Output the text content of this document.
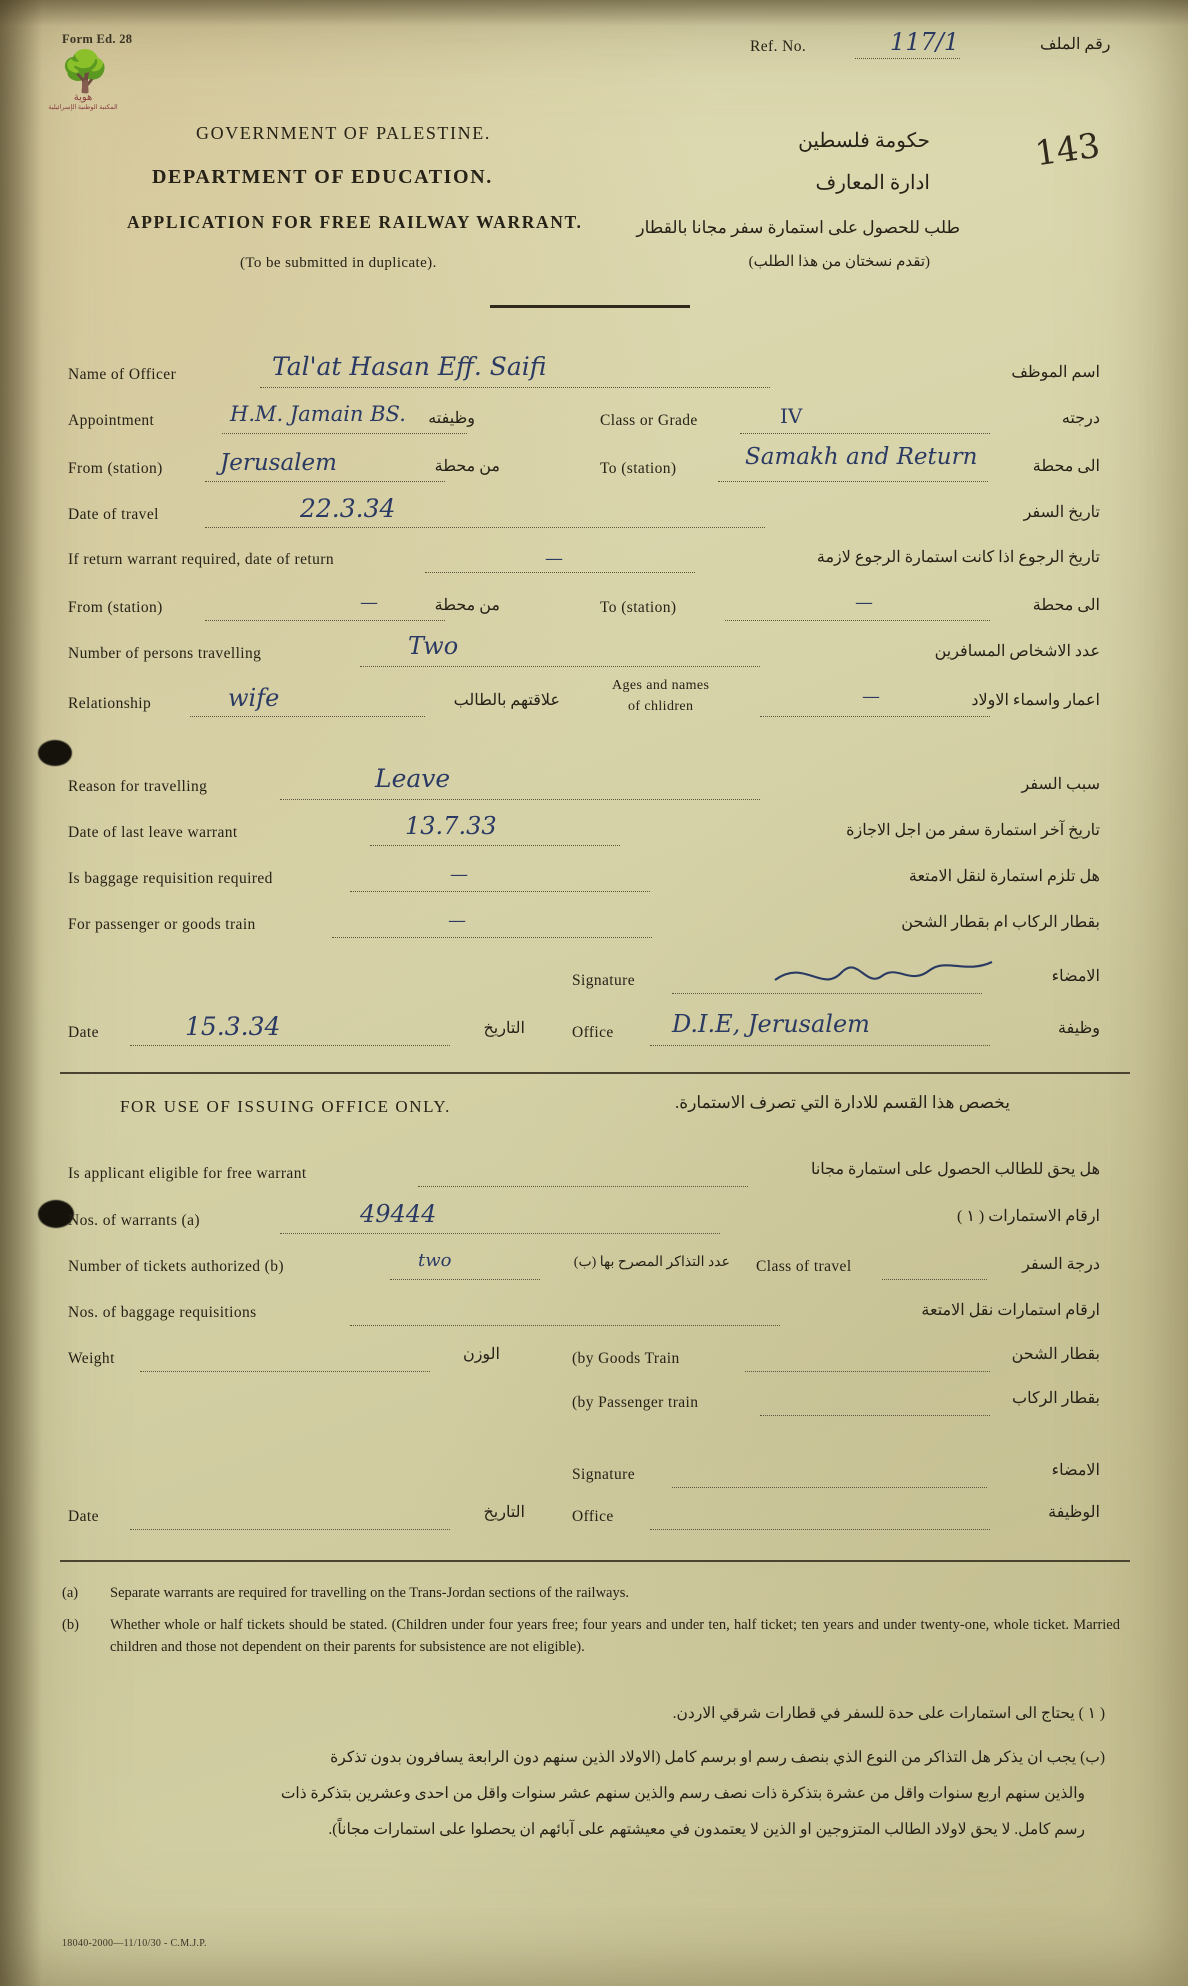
Form Ed. 28	Ref. No.	117/1	رقم الملف
🌳
هوية
المكتبة الوطنية الإسرائيلية
143
GOVERNMENT OF PALESTINE.
DEPARTMENT OF EDUCATION.
APPLICATION FOR FREE RAILWAY WARRANT.
(To be submitted in duplicate).
حكومة فلسطين
ادارة المعارف
طلب للحصول على استمارة سفر مجانا بالقطار
(تقدم نسختان من هذا الطلب)
Name of Officer	Tal'at Hasan Eff. Saifi	اسم الموظف
Appointment	H.M. Jamain BS. وظيفته	Class or Grade	IV	درجته
From (station) Jerusalem	من محطة	To (station)	Samakh and Return	الى محطة
Date of travel	22.3.34	تاريخ السفر
If return warrant required, date of return	—	تاريخ الرجوع اذا كانت استمارة الرجوع لازمة
From (station)	—	من محطة	To (station)	—	الى محطة
Number of persons travelling	Two	عدد الاشخاص المسافرين
Relationship	wife	علاقتهم بالطالب
Ages and names
of chlidren	—	اعمار واسماء الاولاد
Reason for travelling	Leave	سبب السفر
Date of last leave warrant	13.7.33	تاريخ آخر استمارة سفر من اجل الاجازة
Is baggage requisition required	—	هل تلزم استمارة لنقل الامتعة
For passenger or goods train	—	بقطار الركاب ام بقطار الشحن
Signature	الامضاء
Date	15.3.34	التاريخ	Office D.I.E, Jerusalem	وظيفة
FOR USE OF ISSUING OFFICE ONLY.	يخصص هذا القسم للادارة التي تصرف الاستمارة.
Is applicant eligible for free warrant	هل يحق للطالب الحصول على استمارة مجانا
Nos. of warrants (a)	49444	ارقام الاستمارات ( ١ )
Number of tickets authorized (b)	two	عدد التذاكر المصرح بها (ب) Class of travel	درجة السفر
Nos. of baggage requisitions	ارقام استمارات نقل الامتعة
Weight	الوزن	(by Goods Train	بقطار الشحن
(by Passenger train	بقطار الركاب
Signature	الامضاء
Date	التاريخ	Office	الوظيفة
(a) Separate warrants are required for travelling on the Trans-Jordan sections of the railways.
(b) Whether whole or half tickets should be stated. (Children under four years free; four years and under ten, half ticket; ten years and under twenty-one, whole ticket. Married children and those not dependent on their parents for subsistence are not eligible).
( ١ ) يحتاج الى استمارات على حدة للسفر في قطارات شرقي الاردن.
(ب) يجب ان يذكر هل التذاكر من النوع الذي بنصف رسم او برسم كامل (الاولاد الذين سنهم دون الرابعة يسافرون بدون تذكرة
والذين سنهم اربع سنوات واقل من عشرة بتذكرة ذات نصف رسم والذين سنهم عشر سنوات واقل من احدى وعشرين بتذكرة ذات
رسم كامل. لا يحق لاولاد الطالب المتزوجين او الذين لا يعتمدون في معيشتهم على آبائهم ان يحصلوا على استمارات مجاناً).
18040-2000—11/10/30 - C.M.J.P.
